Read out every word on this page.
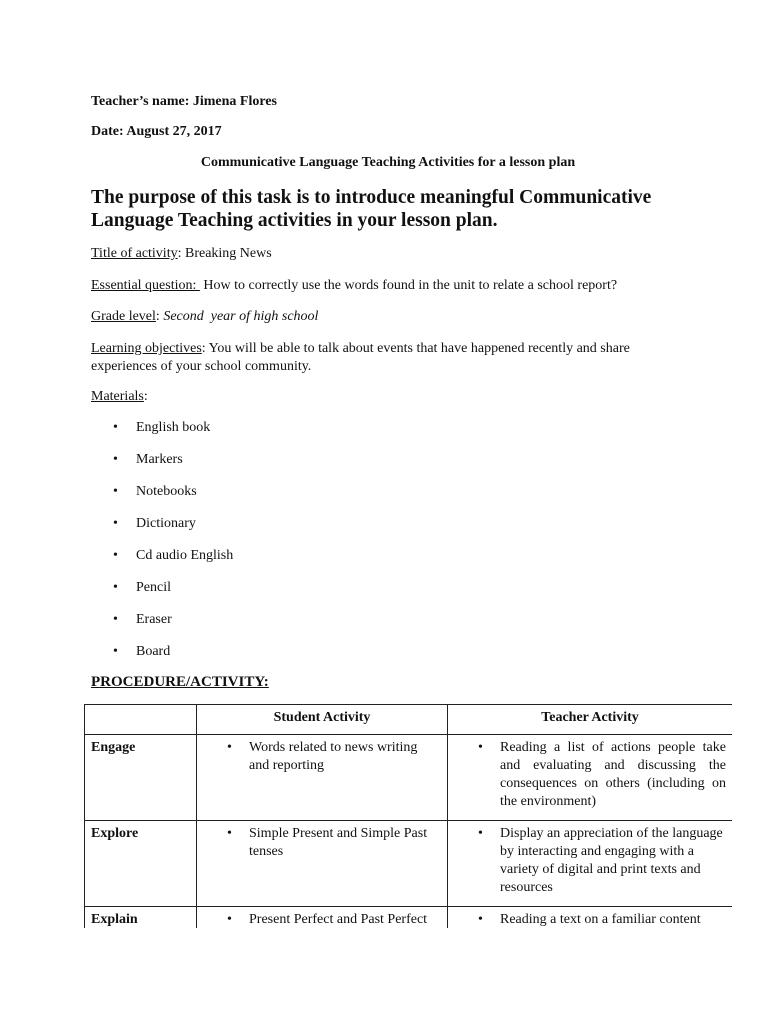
Teacher’s name: Jimena Flores
Date: August 27, 2017
Communicative Language Teaching Activities for a lesson plan
The purpose of this task is to introduce meaningful Communicative Language Teaching activities in your lesson plan.
Title of activity: Breaking News
Essential question:  How to correctly use the words found in the unit to relate a school report?
Grade level: Second  year of high school
Learning objectives: You will be able to talk about events that have happened recently and share experiences of your school community.
Materials:
• English book
• Markers
• Notebooks
• Dictionary
• Cd audio English
• Pencil
• Eraser
• Board
PROCEDURE/ACTIVITY:
	Student Activity	Teacher Activity
Engage	• Words related to news writing and reporting	• Reading a list of actions people take and evaluating and discussing the consequences on others (including on the environment)

Explore	• Simple Present and Simple Past tenses	• Display an appreciation of the language by interacting and engaging with a variety of digital and print texts and resources

Explain	• Present Perfect and Past Perfect	• Reading a text on a familiar content
